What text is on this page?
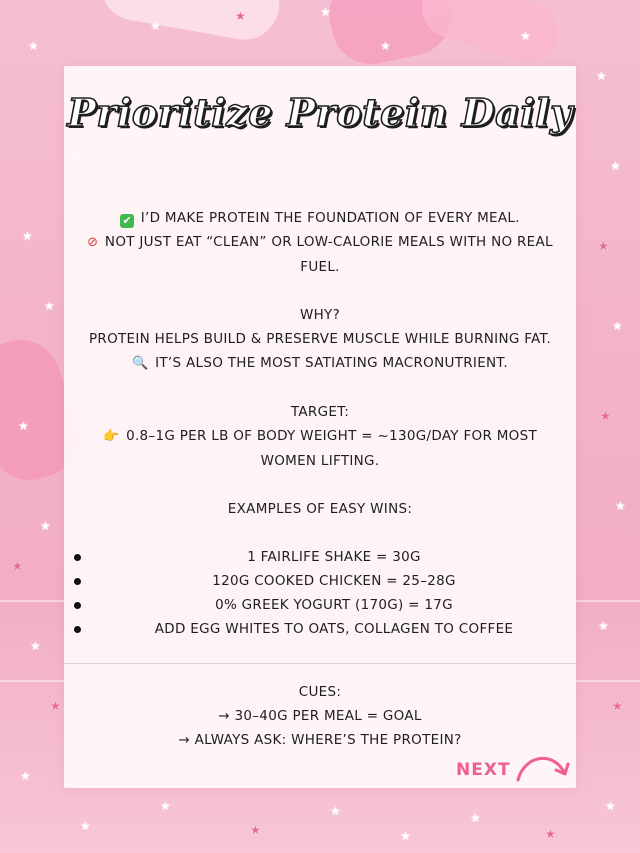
★
★
★
★
★
★
★
★
★
★
★
★
★
★
★
★
★
★
★
★
★
★
★
★
★
★
★	★
★
★
Prioritize Protein Daily
✔ I’D MAKE PROTEIN THE FOUNDATION OF EVERY MEAL.
⊘ NOT JUST EAT “CLEAN” OR LOW-CALORIE MEALS WITH NO REAL FUEL.
WHY?
PROTEIN HELPS BUILD & PRESERVE MUSCLE WHILE BURNING FAT.
🔍 IT’S ALSO THE MOST SATIATING MACRONUTRIENT.
TARGET:
👉 0.8–1G PER LB OF BODY WEIGHT = ~130G/DAY FOR MOST WOMEN LIFTING.
EXAMPLES OF EASY WINS:
1 FAIRLIFE SHAKE = 30G
120G COOKED CHICKEN = 25–28G
0% GREEK YOGURT (170G) = 17G
ADD EGG WHITES TO OATS, COLLAGEN TO COFFEE
CUES:
→ 30–40G PER MEAL = GOAL
→ ALWAYS ASK: WHERE’S THE PROTEIN?
NEXT
